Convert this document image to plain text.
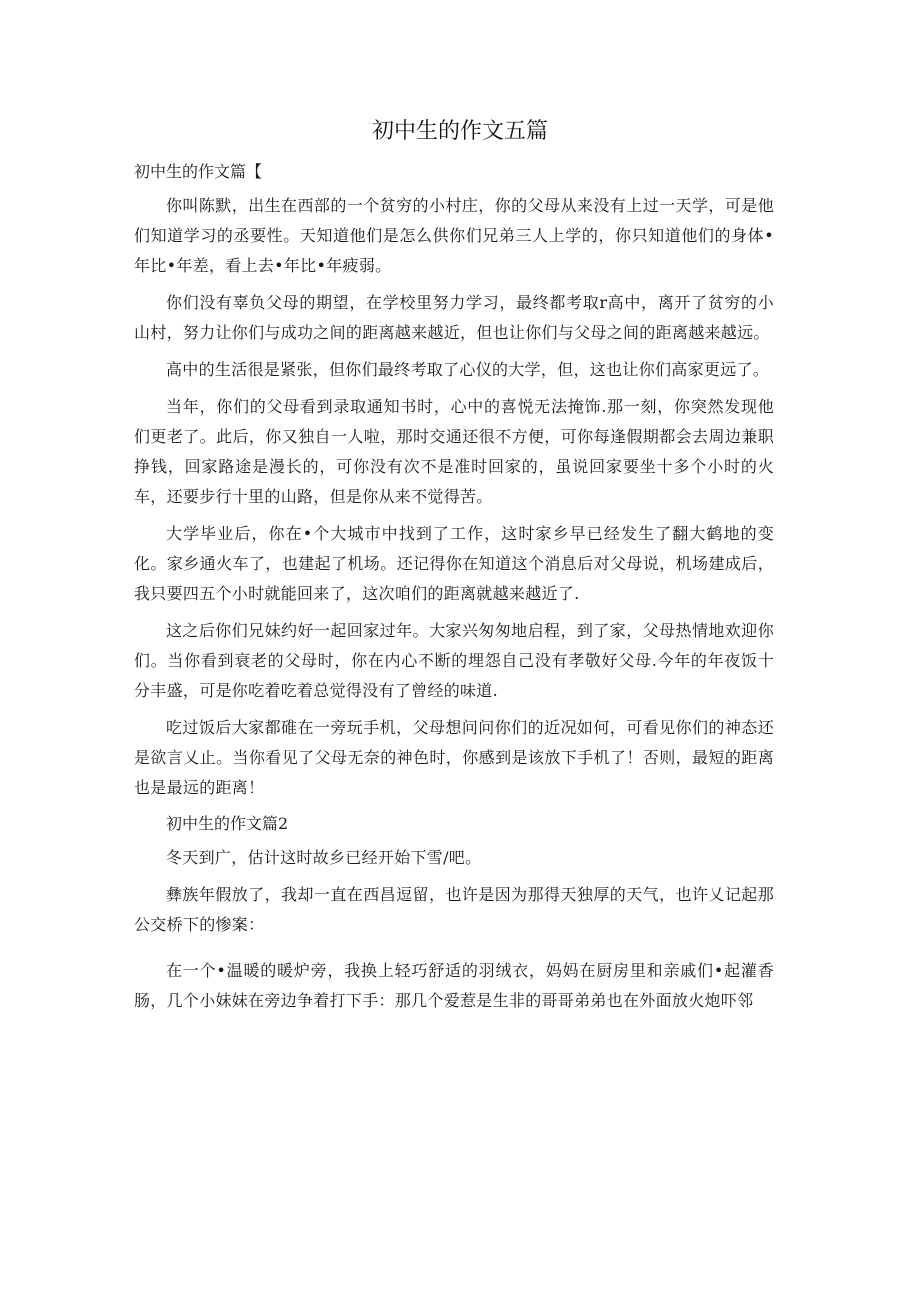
初中生的作文五篇

初中生的作文篇【

你叫陈默，出生在西部的一个贫穷的小村庄，你的父母从来没有上过一天学，可是他们知道学习的丞要性。天知道他们是怎么供你们兄弟三人上学的，你只知道他们的身体•年比•年差，看上去•年比•年疲弱。

你们没有辜负父母的期望，在学校里努力学习，最终都考取r高中，离开了贫穷的小山村，努力让你们与成功之间的距离越来越近，但也让你们与父母之间的距离越来越远。

高中的生活很是紧张，但你们最终考取了心仪的大学，但，这也让你们高家更远了。

当年，你们的父母看到录取通知书时，心中的喜悦无法掩饰.那一刻，你突然发现他们更老了。此后，你又独自一人啦，那时交通还很不方便，可你每逢假期都会去周边兼职挣钱，回家路途是漫长的，可你没有次不是准时回家的，虽说回家要坐十多个小时的火车，还要步行十里的山路，但是你从来不觉得苦。

大学毕业后，你在•个大城市中找到了工作，这时家乡早已经发生了翻大鹤地的变化。家乡通火车了，也建起了机场。还记得你在知道这个消息后对父母说，机场建成后，我只要四五个小时就能回来了，这次咱们的距离就越来越近了.

这之后你们兄妹约好一起回家过年。大家兴匆匆地启程，到了家，父母热情地欢迎你们。当你看到衰老的父母时，你在内心不断的埋怨自己没有孝敬好父母.今年的年夜饭十分丰盛，可是你吃着吃着总觉得没有了曾经的味道.

吃过饭后大家都碓在一旁玩手机，父母想问问你们的近况如何，可看见你们的神态还是欲言乂止。当你看见了父母无奈的神色时，你感到是该放下手机了！否则，最短的距离也是最远的距离！

初中生的作文篇2

冬天到广，估计这时故乡已经开始下雪/吧。

彝族年假放了，我却一直在西昌逗留，也许是因为那得天独厚的天气，也许乂记起那公交桥下的惨案：

在一个•温暖的暖炉旁，我换上轻巧舒适的羽绒衣，妈妈在厨房里和亲戚们•起灌香肠，几个小妹妹在旁边争着打下手：那几个爱惹是生非的哥哥弟弟也在外面放火炮吓邻
